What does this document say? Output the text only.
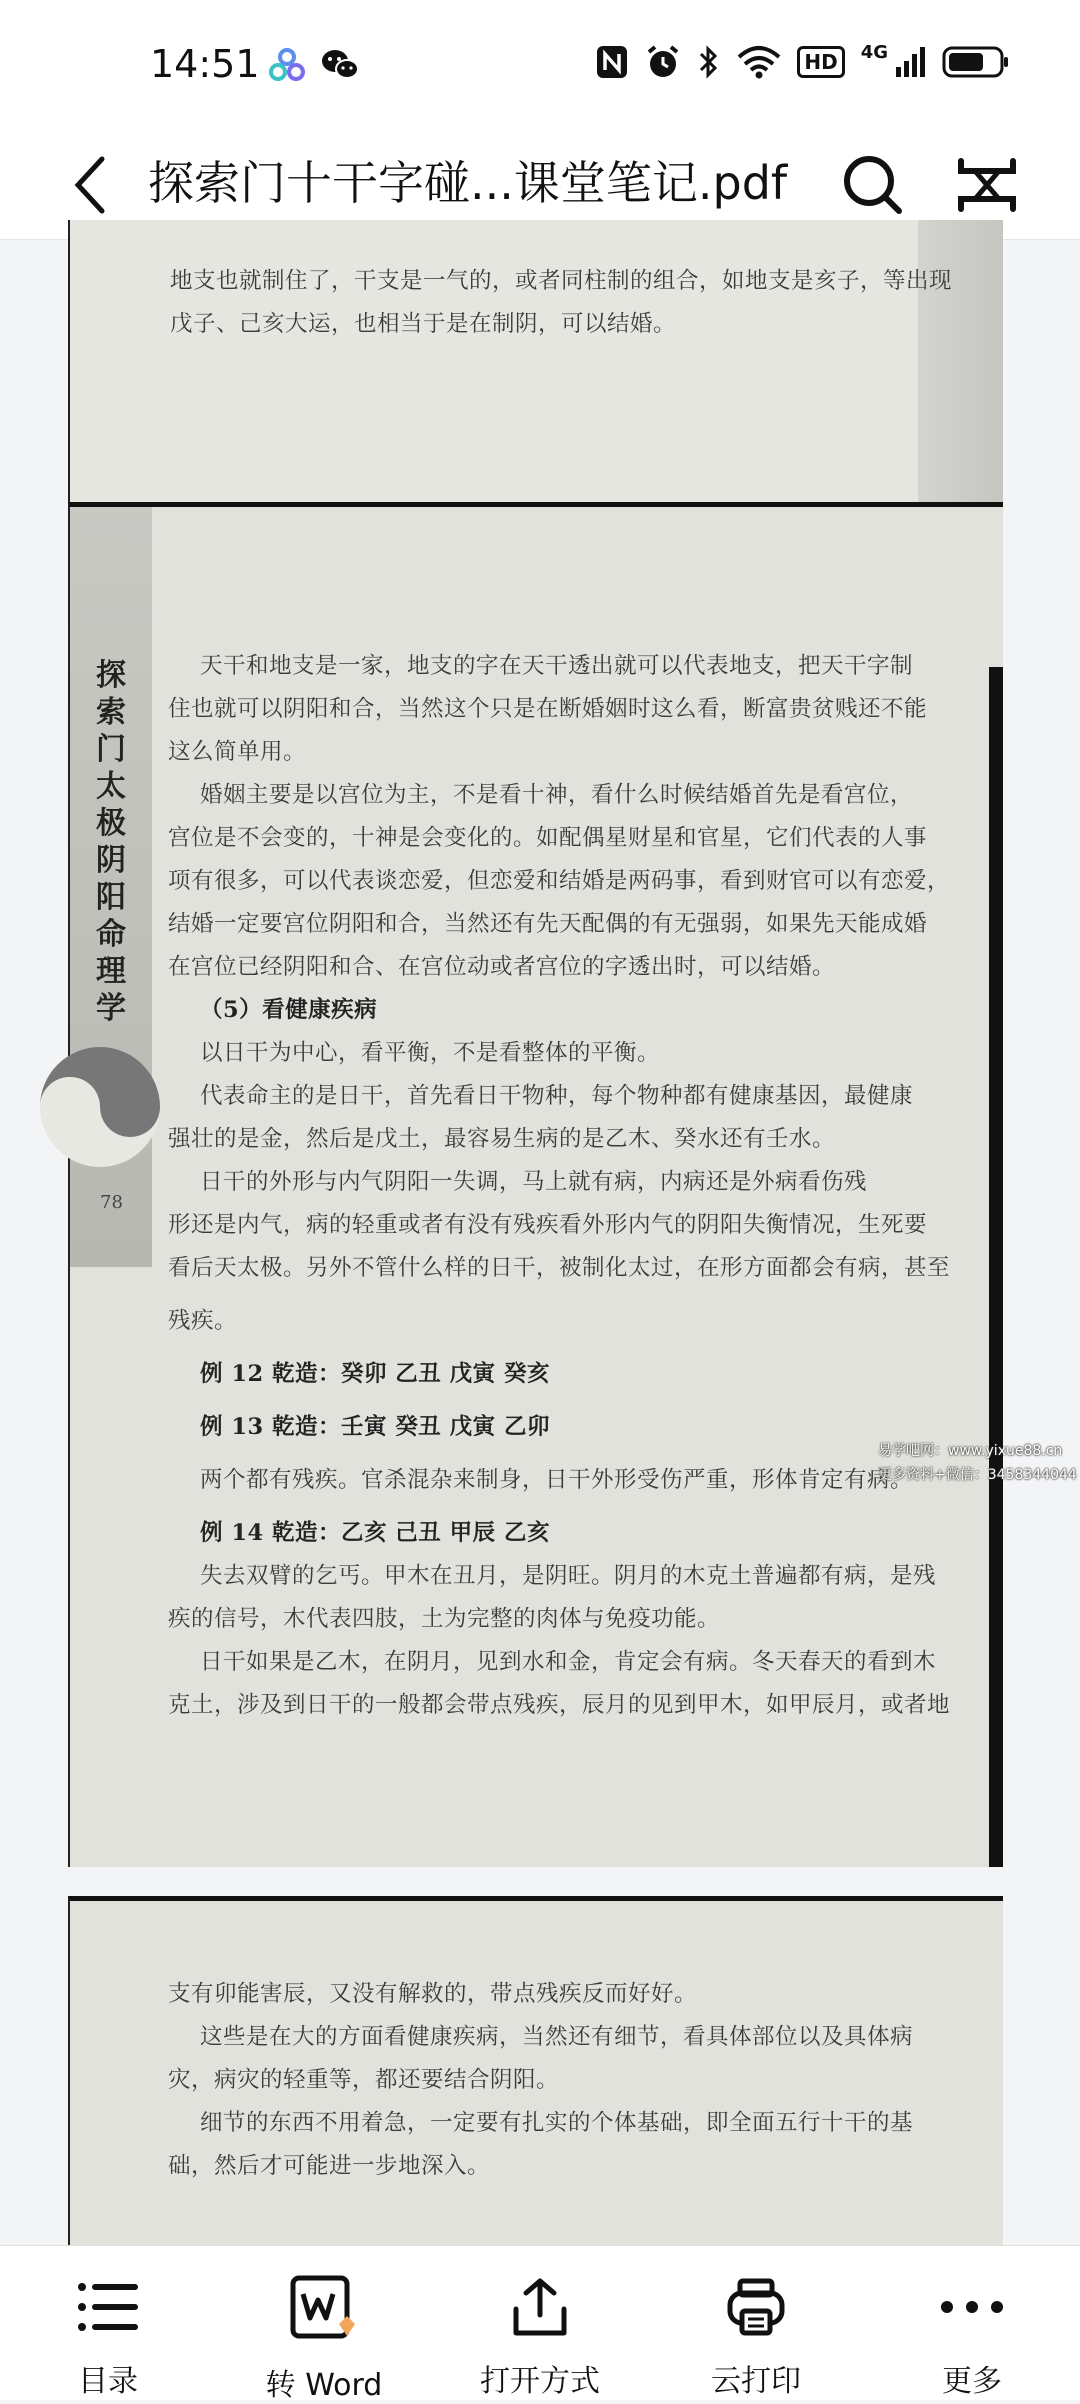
14:51	HD	4G
探索门十干字碰...课堂笔记.pdf

地支也就制住了，干支是一气的，或者同柱制的组合，如地支是亥子，等出现

戊子、己亥大运，也相当于是在制阴，可以结婚。

探索门太极阴阳命理学
78

天干和地支是一家，地支的字在天干透出就可以代表地支，把天干字制

住也就可以阴阳和合，当然这个只是在断婚姻时这么看，断富贵贫贱还不能

这么简单用。

婚姻主要是以宫位为主，不是看十神，看什么时候结婚首先是看宫位，

宫位是不会变的，十神是会变化的。如配偶星财星和官星，它们代表的人事

项有很多，可以代表谈恋爱，但恋爱和结婚是两码事，看到财官可以有恋爱，

结婚一定要宫位阴阳和合，当然还有先天配偶的有无强弱，如果先天能成婚

在宫位已经阴阳和合、在宫位动或者宫位的字透出时，可以结婚。

（5）看健康疾病

以日干为中心，看平衡，不是看整体的平衡。

代表命主的是日干，首先看日干物种，每个物种都有健康基因，最健康

强壮的是金，然后是戊土，最容易生病的是乙木、癸水还有壬水。

日干的外形与内气阴阳一失调，马上就有病，内病还是外病看伤残

形还是内气，病的轻重或者有没有残疾看外形内气的阴阳失衡情况，生死要

看后天太极。另外不管什么样的日干，被制化太过，在形方面都会有病，甚至

残疾。

例 12 乾造：癸卯 乙丑 戊寅 癸亥

例 13 乾造：壬寅 癸丑 戊寅 乙卯

两个都有残疾。官杀混杂来制身，日干外形受伤严重，形体肯定有病。

例 14 乾造：乙亥 己丑 甲辰 乙亥

失去双臂的乞丐。甲木在丑月，是阴旺。阴月的木克土普遍都有病，是残

疾的信号，木代表四肢，土为完整的肉体与免疫功能。

日干如果是乙木，在阴月，见到水和金，肯定会有病。冬天春天的看到木

克土，涉及到日干的一般都会带点残疾，辰月的见到甲木，如甲辰月，或者地

易学吧网：www.yixue88.cn
更多资料+微信：3458344044

支有卯能害辰，又没有解救的，带点残疾反而好好。

这些是在大的方面看健康疾病，当然还有细节，看具体部位以及具体病

灾，病灾的轻重等，都还要结合阴阳。

细节的东西不用着急，一定要有扎实的个体基础，即全面五行十干的基

础，然后才可能进一步地深入。

目录	转 Word	打开方式	云打印	更多
